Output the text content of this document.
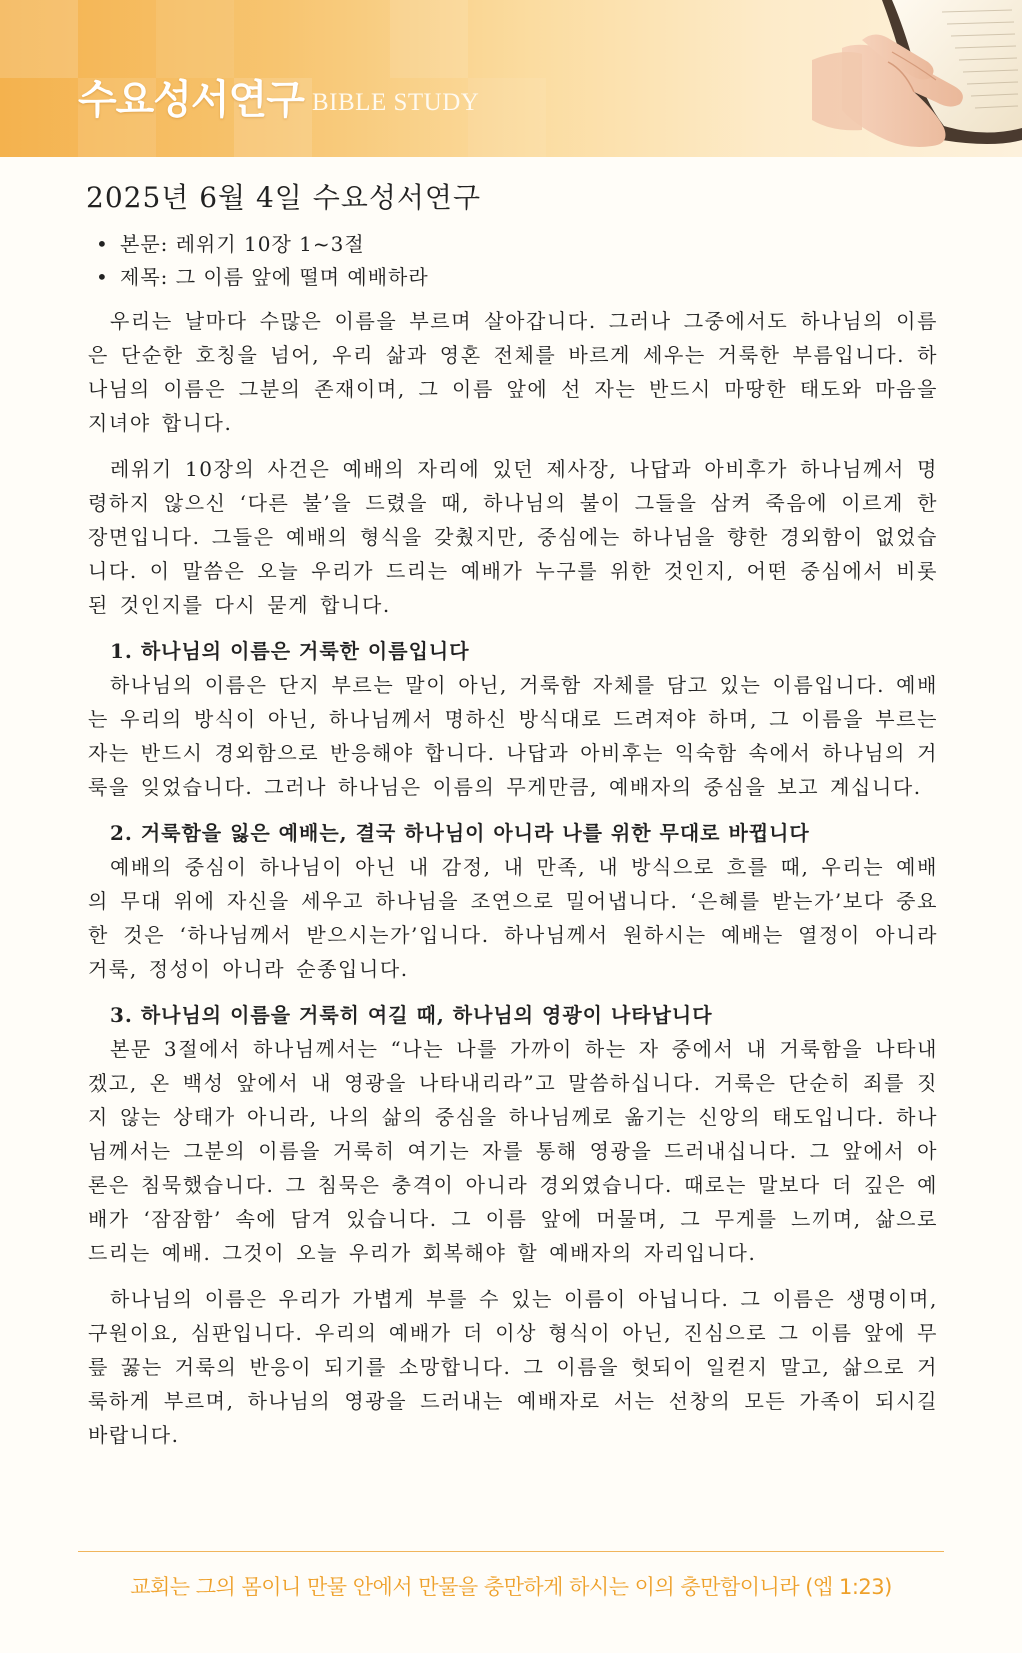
수요성서연구 BIBLE STUDY
2025년 6월 4일 수요성서연구
• 본문: 레위기 10장 1~3절
• 제목: 그 이름 앞에 떨며 예배하라

우리는 날마다 수많은 이름을 부르며 살아갑니다. 그러나 그중에서도 하나님의 이름은 단순한 호칭을 넘어, 우리 삶과 영혼 전체를 바르게 세우는 거룩한 부름입니다. 하나님의 이름은 그분의 존재이며, 그 이름 앞에 선 자는 반드시 마땅한 태도와 마음을 지녀야 합니다.

레위기 10장의 사건은 예배의 자리에 있던 제사장, 나답과 아비후가 하나님께서 명령하지 않으신 ‘다른 불’을 드렸을 때, 하나님의 불이 그들을 삼켜 죽음에 이르게 한 장면입니다. 그들은 예배의 형식을 갖췄지만, 중심에는 하나님을 향한 경외함이 없었습니다. 이 말씀은 오늘 우리가 드리는 예배가 누구를 위한 것인지, 어떤 중심에서 비롯된 것인지를 다시 묻게 합니다.

1. 하나님의 이름은 거룩한 이름입니다

하나님의 이름은 단지 부르는 말이 아닌, 거룩함 자체를 담고 있는 이름입니다. 예배는 우리의 방식이 아닌, 하나님께서 명하신 방식대로 드려져야 하며, 그 이름을 부르는 자는 반드시 경외함으로 반응해야 합니다. 나답과 아비후는 익숙함 속에서 하나님의 거룩을 잊었습니다. 그러나 하나님은 이름의 무게만큼, 예배자의 중심을 보고 계십니다.

2. 거룩함을 잃은 예배는, 결국 하나님이 아니라 나를 위한 무대로 바뀝니다

예배의 중심이 하나님이 아닌 내 감정, 내 만족, 내 방식으로 흐를 때, 우리는 예배의 무대 위에 자신을 세우고 하나님을 조연으로 밀어냅니다. ‘은혜를 받는가’보다 중요한 것은 ‘하나님께서 받으시는가’입니다. 하나님께서 원하시는 예배는 열정이 아니라 거룩, 정성이 아니라 순종입니다.

3. 하나님의 이름을 거룩히 여길 때, 하나님의 영광이 나타납니다

본문 3절에서 하나님께서는 “나는 나를 가까이 하는 자 중에서 내 거룩함을 나타내겠고, 온 백성 앞에서 내 영광을 나타내리라”고 말씀하십니다. 거룩은 단순히 죄를 짓지 않는 상태가 아니라, 나의 삶의 중심을 하나님께로 옮기는 신앙의 태도입니다. 하나님께서는 그분의 이름을 거룩히 여기는 자를 통해 영광을 드러내십니다. 그 앞에서 아론은 침묵했습니다. 그 침묵은 충격이 아니라 경외였습니다. 때로는 말보다 더 깊은 예배가 ‘잠잠함’ 속에 담겨 있습니다. 그 이름 앞에 머물며, 그 무게를 느끼며, 삶으로 드리는 예배. 그것이 오늘 우리가 회복해야 할 예배자의 자리입니다.

하나님의 이름은 우리가 가볍게 부를 수 있는 이름이 아닙니다. 그 이름은 생명이며, 구원이요, 심판입니다. 우리의 예배가 더 이상 형식이 아닌, 진심으로 그 이름 앞에 무릎 꿇는 거룩의 반응이 되기를 소망합니다. 그 이름을 헛되이 일컫지 말고, 삶으로 거룩하게 부르며, 하나님의 영광을 드러내는 예배자로 서는 선창의 모든 가족이 되시길 바랍니다.

교회는 그의 몸이니 만물 안에서 만물을 충만하게 하시는 이의 충만함이니라 (엡 1:23)
